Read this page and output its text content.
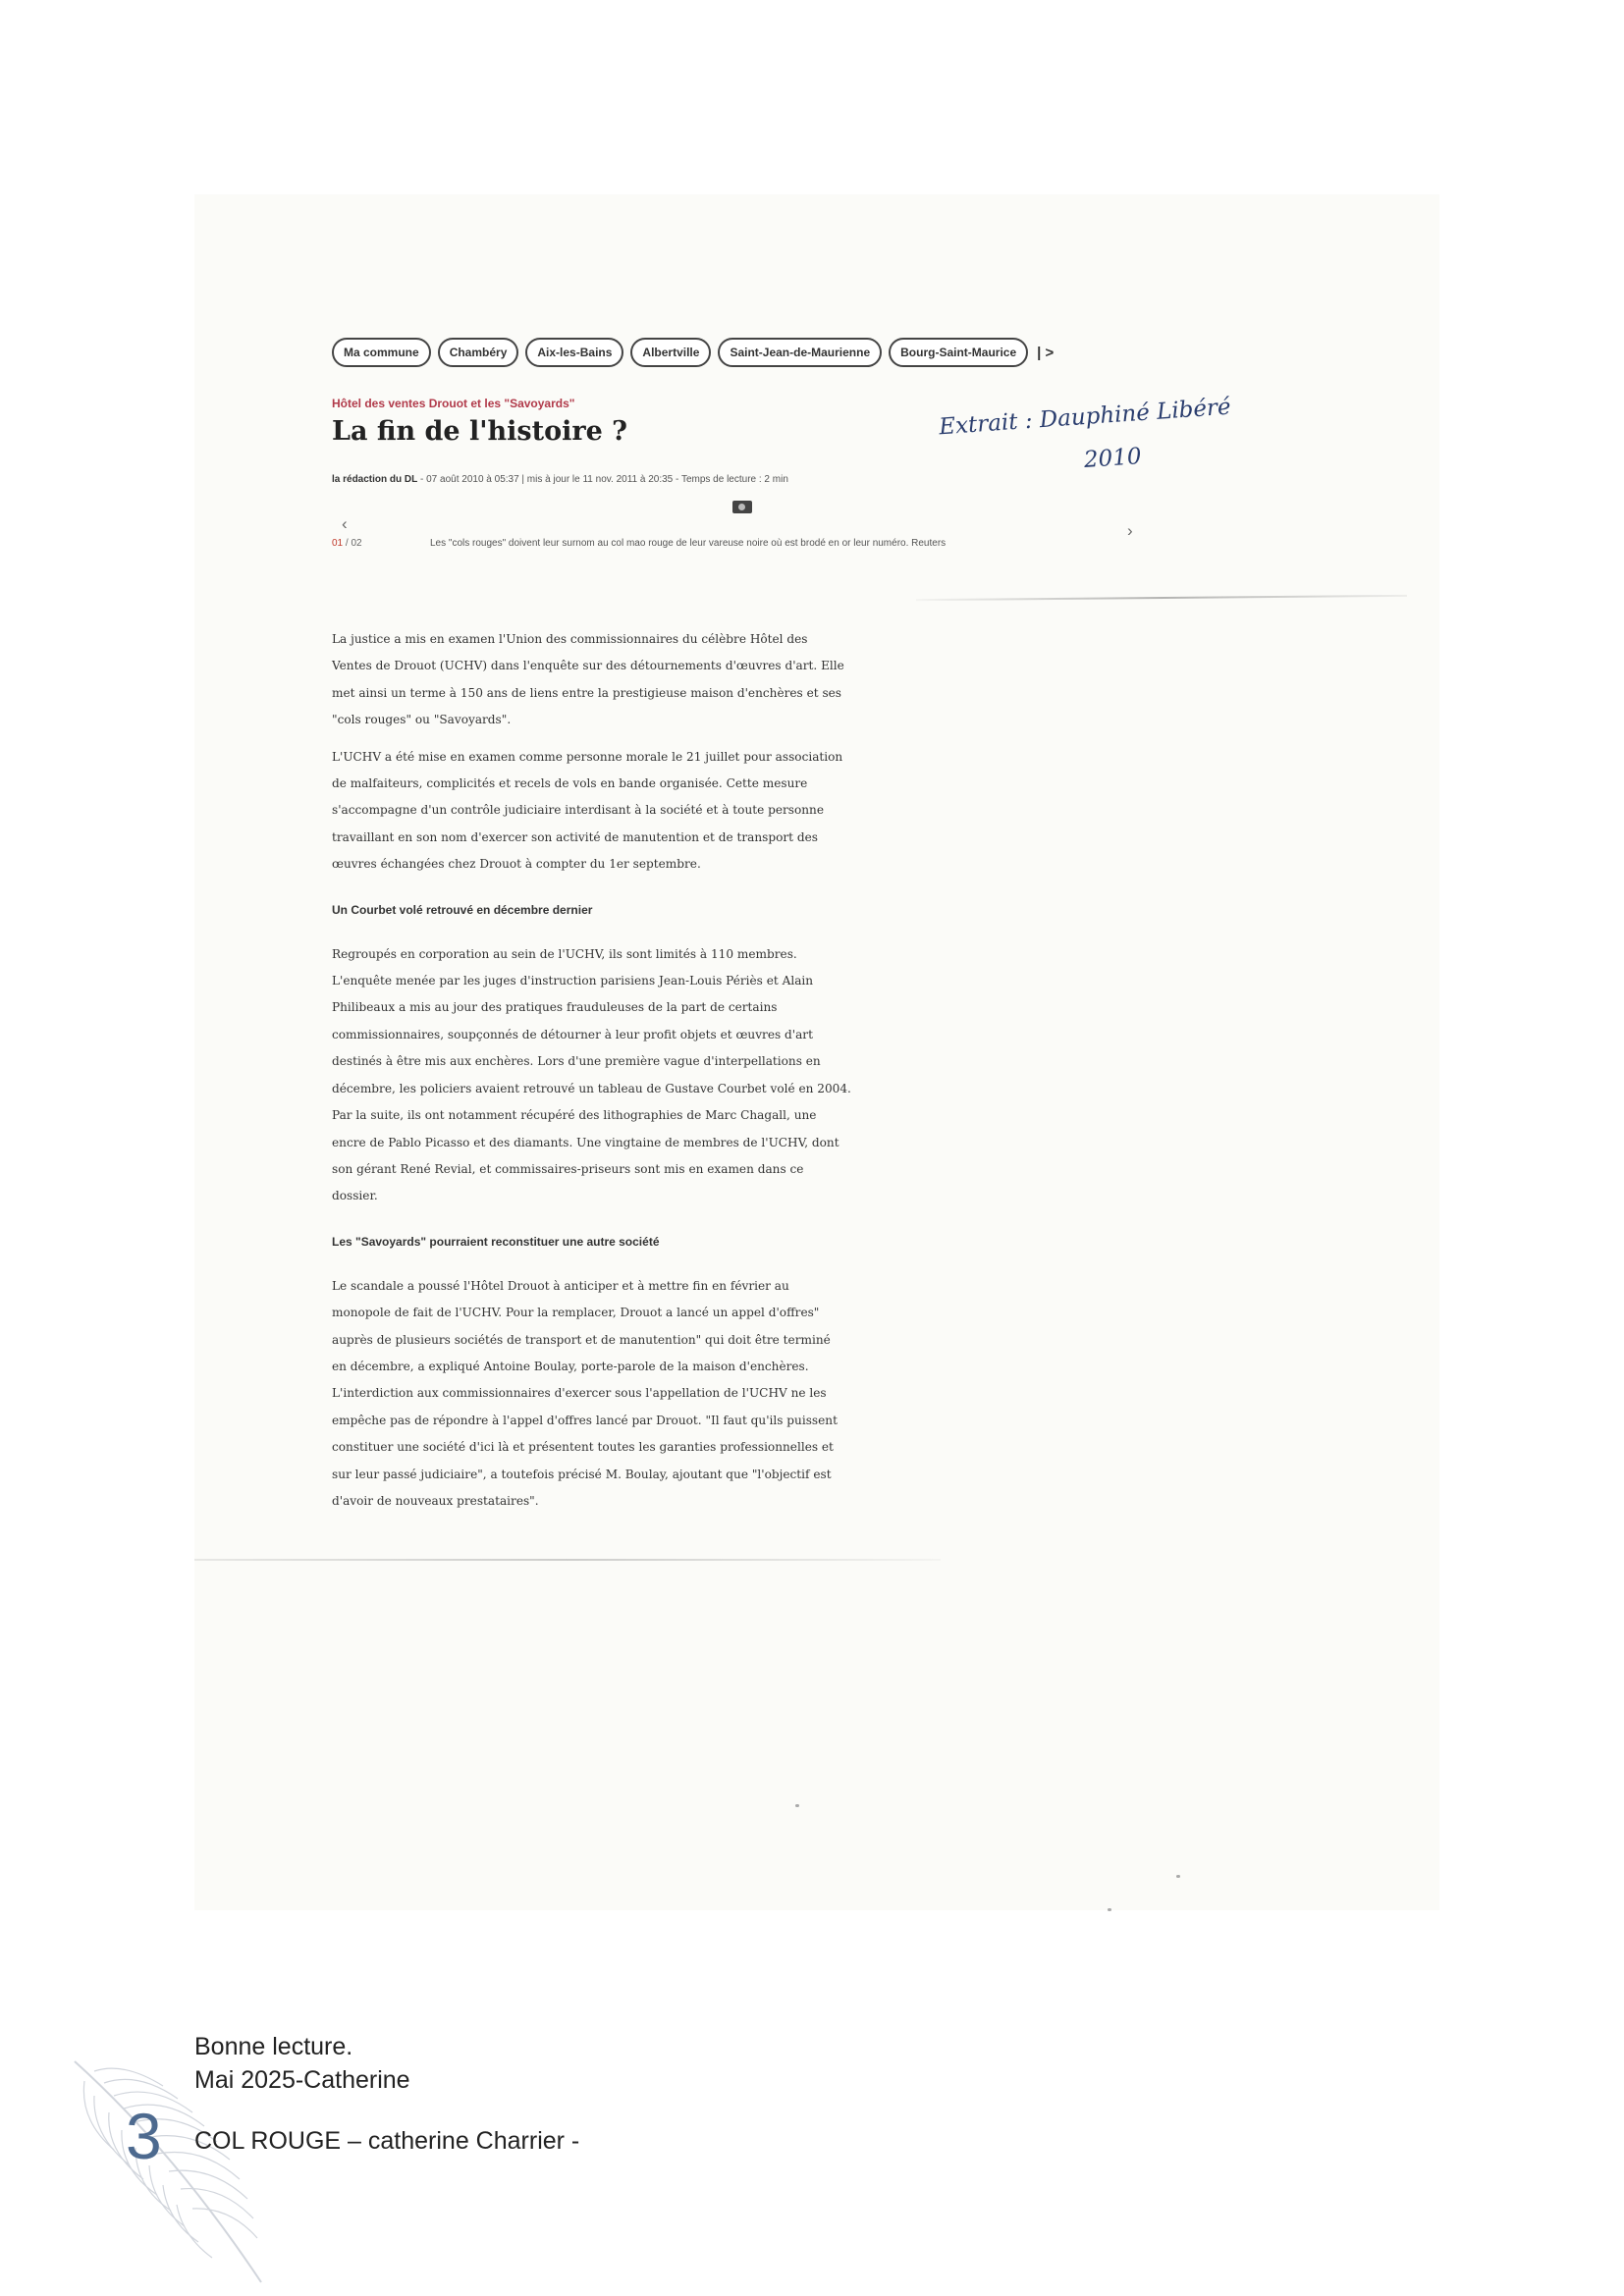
Ma commune	Chambéry	Aix-les-Bains	Albertville	Saint-Jean-de-Maurienne	Bourg-Saint-Maurice	| >
Hôtel des ventes Drouot et les "Savoyards"
La fin de l'histoire ?
la rédaction du DL - 07 août 2010 à 05:37 | mis à jour le 11 nov. 2011 à 20:35 - Temps de lecture : 2 min
Extrait : Dauphiné Libéré
2010
‹	›
01 / 02	Les "cols rouges" doivent leur surnom au col mao rouge de leur vareuse noire où est brodé en or leur numéro. Reuters

La justice a mis en examen l'Union des commissionnaires du célèbre Hôtel des
Ventes de Drouot (UCHV) dans l'enquête sur des détournements d'œuvres d'art. Elle
met ainsi un terme à 150 ans de liens entre la prestigieuse maison d'enchères et ses
"cols rouges" ou "Savoyards".

L'UCHV a été mise en examen comme personne morale le 21 juillet pour association
de malfaiteurs, complicités et recels de vols en bande organisée. Cette mesure
s'accompagne d'un contrôle judiciaire interdisant à la société et à toute personne
travaillant en son nom d'exercer son activité de manutention et de transport des
œuvres échangées chez Drouot à compter du 1er septembre.

Un Courbet volé retrouvé en décembre dernier

Regroupés en corporation au sein de l'UCHV, ils sont limités à 110 membres.
L'enquête menée par les juges d'instruction parisiens Jean-Louis Périès et Alain
Philibeaux a mis au jour des pratiques frauduleuses de la part de certains
commissionnaires, soupçonnés de détourner à leur profit objets et œuvres d'art
destinés à être mis aux enchères. Lors d'une première vague d'interpellations en
décembre, les policiers avaient retrouvé un tableau de Gustave Courbet volé en 2004.
Par la suite, ils ont notamment récupéré des lithographies de Marc Chagall, une
encre de Pablo Picasso et des diamants. Une vingtaine de membres de l'UCHV, dont
son gérant René Revial, et commissaires-priseurs sont mis en examen dans ce
dossier.

Les "Savoyards" pourraient reconstituer une autre société

Le scandale a poussé l'Hôtel Drouot à anticiper et à mettre fin en février au
monopole de fait de l'UCHV. Pour la remplacer, Drouot a lancé un appel d'offres"
auprès de plusieurs sociétés de transport et de manutention" qui doit être terminé
en décembre, a expliqué Antoine Boulay, porte-parole de la maison d'enchères.
L'interdiction aux commissionnaires d'exercer sous l'appellation de l'UCHV ne les
empêche pas de répondre à l'appel d'offres lancé par Drouot. "Il faut qu'ils puissent
constituer une société d'ici là et présentent toutes les garanties professionnelles et
sur leur passé judiciaire", a toutefois précisé M. Boulay, ajoutant que "l'objectif est
d'avoir de nouveaux prestataires".

Bonne lecture.
Mai 2025-Catherine
COL ROUGE – catherine Charrier -
3
